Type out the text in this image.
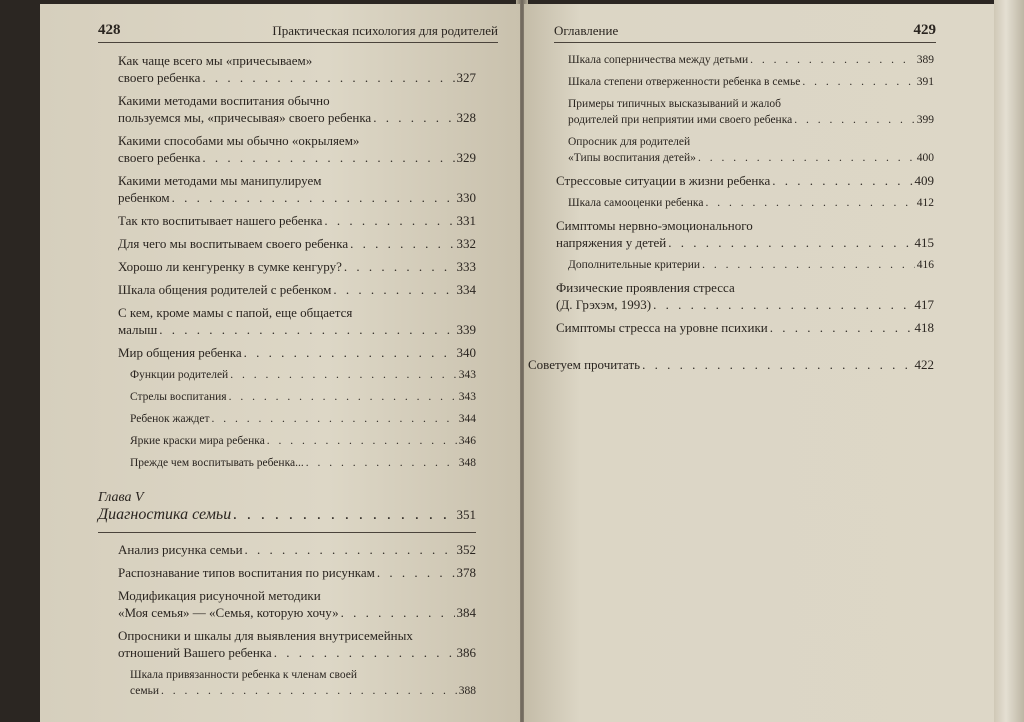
428	Практическая психология для родителей
Как чаще всего мы «причесываем»
своего ребенка . . .	327
Какими методами воспитания обычно
пользуемся мы, «причесывая» своего ребенка . . .	328
Какими способами мы обычно «окрыляем»
своего ребенка . . .	329
Какими методами мы манипулируем
ребенком . . .	330
Так кто воспитывает нашего ребенка . . .	331
Для чего мы воспитываем своего ребенка . . .	332
Хорошо ли кенгуренку в сумке кенгуру? . . .	333
Шкала общения родителей с ребенком . . .	334
С кем, кроме мамы с папой, еще общается
малыш . . .	339
Мир общения ребенка . . .	340
Функции родителей . . .	343
Стрелы воспитания . . .	343
Ребенок жаждет . . .	344
Яркие краски мира ребенка . . .	346
Прежде чем воспитывать ребенка... . . .	348
Глава V
Диагностика семьи . . .	351
Анализ рисунка семьи . . .	352
Распознавание типов воспитания по рисункам . . .	378
Модификация рисуночной методики
«Моя семья» — «Семья, которую хочу» . . .	384
Опросники и шкалы для выявления внутрисемейных
отношений Вашего ребенка . . .	386
Шкала привязанности ребенка к членам своей
семьи . . .	388
Оглавление	429
Шкала соперничества между детьми . . .	389
Шкала степени отверженности ребенка в семье . . .	391
Примеры типичных высказываний и жалоб
родителей при неприятии ими своего ребенка . . .	399
Опросник для родителей
«Типы воспитания детей» . . .	400
Стрессовые ситуации в жизни ребенка . . .	409
Шкала самооценки ребенка . . .	412
Симптомы нервно-эмоционального
напряжения у детей . . .	415
Дополнительные критерии . . .	416
Физические проявления стресса
(Д. Грэхэм, 1993) . . .	417
Симптомы стресса на уровне психики . . .	418
Советуем прочитать . . .	422
